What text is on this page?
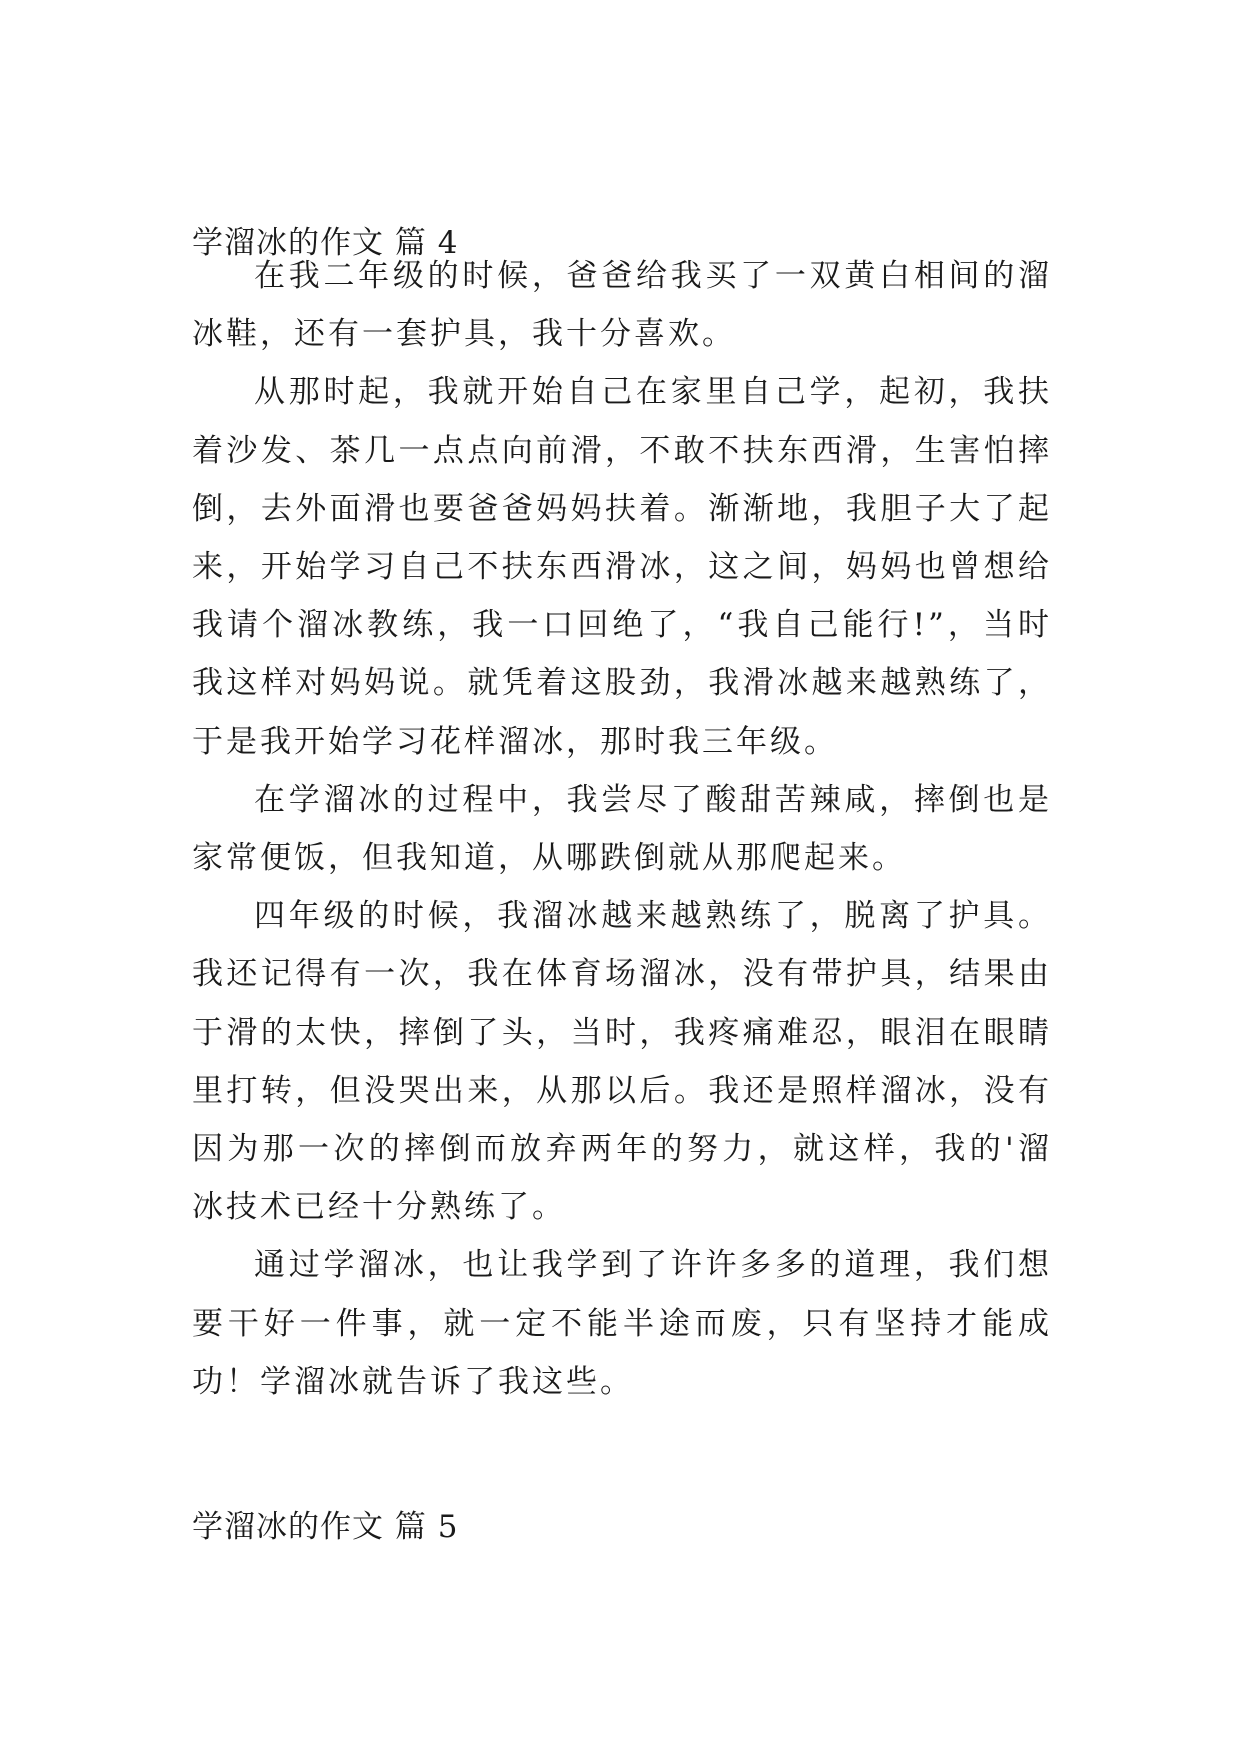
学溜冰的作文 篇 4

在我二年级的时候，爸爸给我买了一双黄白相间的溜冰鞋，还有一套护具，我十分喜欢。

从那时起，我就开始自己在家里自己学，起初，我扶着沙发、茶几一点点向前滑，不敢不扶东西滑，生害怕摔倒，去外面滑也要爸爸妈妈扶着。渐渐地，我胆子大了起来，开始学习自己不扶东西滑冰，这之间，妈妈也曾想给我请个溜冰教练，我一口回绝了，“我自己能行!”，当时我这样对妈妈说。就凭着这股劲，我滑冰越来越熟练了，于是我开始学习花样溜冰，那时我三年级。

在学溜冰的过程中，我尝尽了酸甜苦辣咸，摔倒也是家常便饭，但我知道，从哪跌倒就从那爬起来。

四年级的时候，我溜冰越来越熟练了，脱离了护具。我还记得有一次，我在体育场溜冰，没有带护具，结果由于滑的太快，摔倒了头，当时，我疼痛难忍，眼泪在眼睛里打转，但没哭出来，从那以后。我还是照样溜冰，没有因为那一次的摔倒而放弃两年的努力，就这样，我的'溜冰技术已经十分熟练了。

通过学溜冰，也让我学到了许许多多的道理，我们想要干好一件事，就一定不能半途而废，只有坚持才能成功！学溜冰就告诉了我这些。

学溜冰的作文 篇 5
